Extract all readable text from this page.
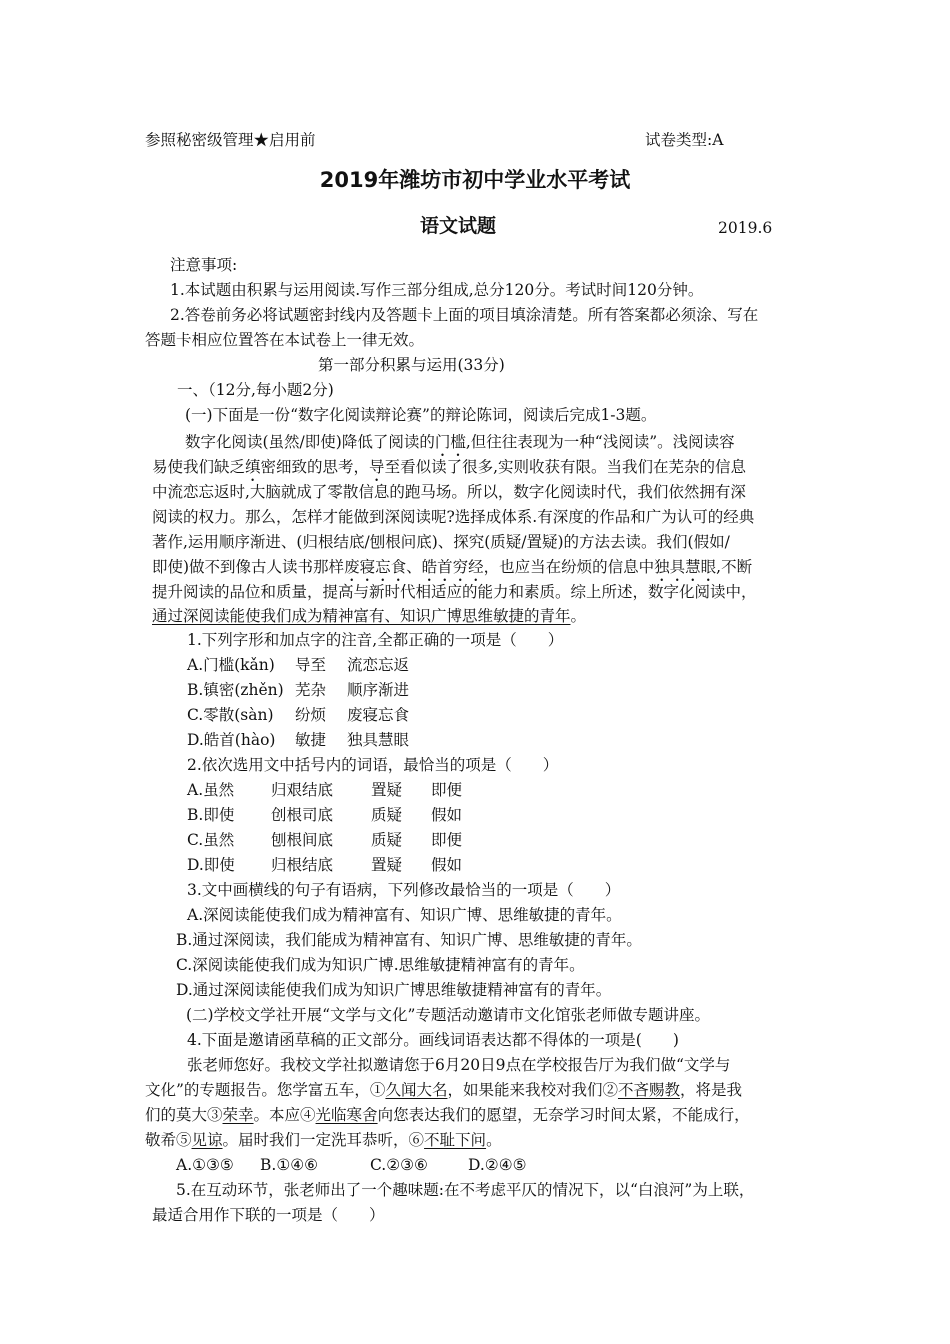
参照秘密级管理★启用前	试卷类型:A
2019年潍坊市初中学业水平考试
语文试题	2019.6
注意事项:
1.本试题由积累与运用阅读.写作三部分组成,总分120分。考试时间120分钟。
2.答卷前务必将试题密封线内及答题卡上面的项目填涂清楚。所有答案都必须涂、写在
答题卡相应位置答在本试卷上一律无效。
第一部分积累与运用(33分)
一、（12分,每小题2分)
(一)下面是一份“数字化阅读辩论赛”的辩论陈词，阅读后完成1-3题。
数字化阅读(虽然/即使)降低了阅读的门槛,但往往表现为一种“浅阅读”。浅阅读容
易使我们缺乏缜密细致的思考，导至看似读了很多,实则收获有限。当我们在芜杂的信息
中流恋忘返时,大脑就成了零散信息的跑马场。所以，数字化阅读时代，我们依然拥有深
阅读的权力。那么，怎样才能做到深阅读呢?选择成体系.有深度的作品和广为认可的经典
著作,运用顺序渐进、(归根结底/刨根问底)、探究(质疑/置疑)的方法去读。我们(假如/
即使)做不到像古人读书那样废寝忘食、皓首穷经，也应当在纷烦的信息中独具慧眼,不断
提升阅读的品位和质量，提高与新时代相适应的能力和素质。综上所述，数字化阅读中，
通过深阅读能使我们成为精神富有、知识广博思维敏捷的青年。
1.下列字形和加点字的注音,全都正确的一项是（　　）
A.门槛(kǎn) 导至 流恋忘返
B.镇密(zhěn) 芜杂 顺序渐进
C.零散(sàn) 纷烦 废寝忘食
D.皓首(hào) 敏捷 独具慧眼
2.依次选用文中括号内的词语，最恰当的项是（　　）
A.虽然 归艰结底 置疑 即便
B.即使 创根司底 质疑 假如
C.虽然 刨根间底 质疑 即便
D.即使 归根结底 置疑 假如
3.文中画横线的句子有语病，下列修改最恰当的一项是（　　）
A.深阅读能使我们成为精神富有、知识广博、思维敏捷的青年。
B.通过深阅读，我们能成为精神富有、知识广博、思维敏捷的青年。
C.深阅读能使我们成为知识广博.思维敏捷精神富有的青年。
D.通过深阅读能使我们成为知识广博思维敏捷精神富有的青年。
(二)学校文学社开展“文学与文化”专题活动邀请市文化馆张老师做专题讲座。
4.下面是邀请函草稿的正文部分。画线词语表达都不得体的一项是(　　)
张老师您好。我校文学社拟邀请您于6月20日9点在学校报告厅为我们做“文学与
文化”的专题报告。您学富五车，①久闻大名，如果能来我校对我们②不吝赐教，将是我
们的莫大③荣幸。本应④光临寒舍向您表达我们的愿望，无奈学习时间太紧，不能成行，
敬希⑤见谅。届时我们一定洗耳恭听，⑥不耻下问。
A.①③⑤ B.①④⑥	C.②③⑥	D.②④⑤
5.在互动环节，张老师出了一个趣味题:在不考虑平仄的情况下，以“白浪河”为上联，
最适合用作下联的一项是（　　）
